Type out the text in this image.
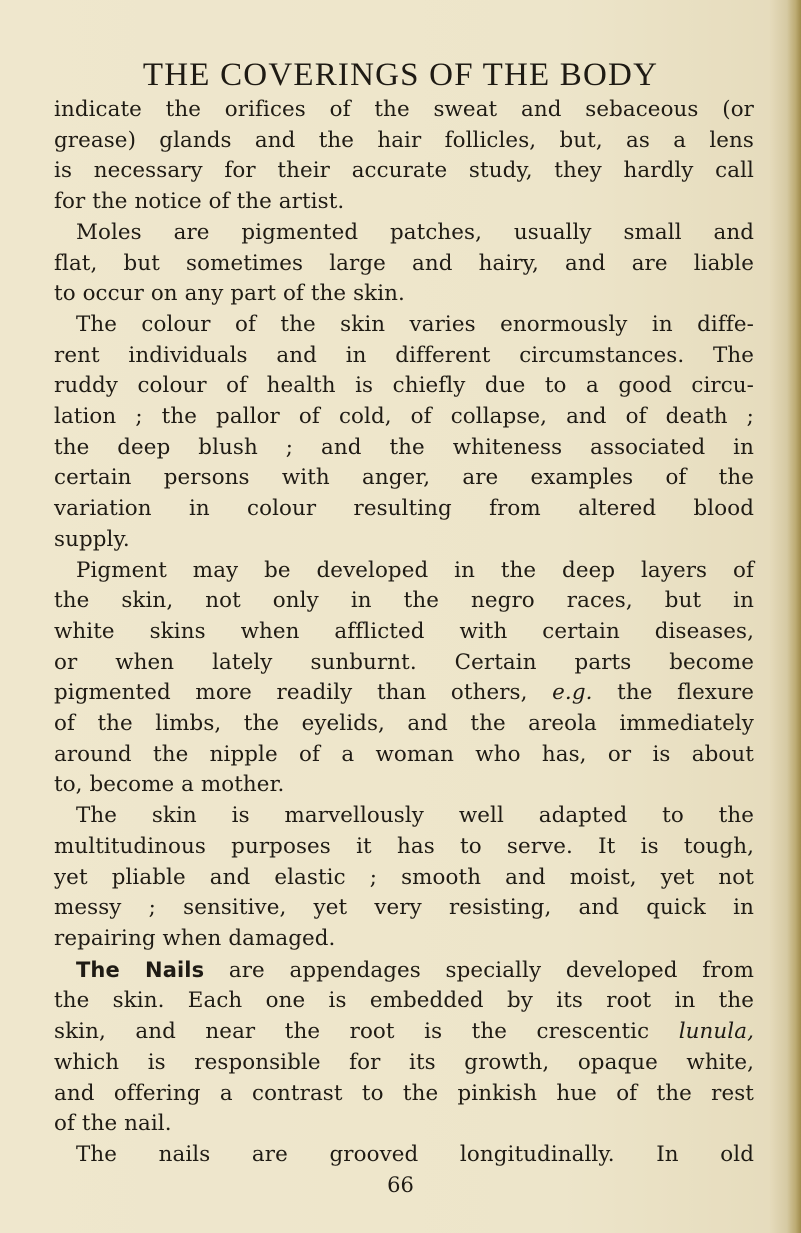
THE COVERINGS OF THE BODY

indicate the orifices of the sweat and sebaceous (or
grease) glands and the hair follicles, but, as a lens
is necessary for their accurate study, they hardly call
for the notice of the artist.

Moles are pigmented patches, usually small and
flat, but sometimes large and hairy, and are liable
to occur on any part of the skin.

The colour of the skin varies enormously in diffe-
rent individuals and in different circumstances. The
ruddy colour of health is chiefly due to a good circu-
lation ; the pallor of cold, of collapse, and of death ;
the deep blush ; and the whiteness associated in
certain persons with anger, are examples of the
variation in colour resulting from altered blood
supply.

Pigment may be developed in the deep layers of
the skin, not only in the negro races, but in
white skins when afflicted with certain diseases,
or when lately sunburnt. Certain parts become
pigmented more readily than others, e.g. the flexure
of the limbs, the eyelids, and the areola immediately
around the nipple of a woman who has, or is about
to, become a mother.

The skin is marvellously well adapted to the
multitudinous purposes it has to serve. It is tough,
yet pliable and elastic ; smooth and moist, yet not
messy ; sensitive, yet very resisting, and quick in
repairing when damaged.

The Nails are appendages specially developed from
the skin. Each one is embedded by its root in the
skin, and near the root is the crescentic lunula,
which is responsible for its growth, opaque white,
and offering a contrast to the pinkish hue of the rest
of the nail.

The nails are grooved longitudinally. In old

66
